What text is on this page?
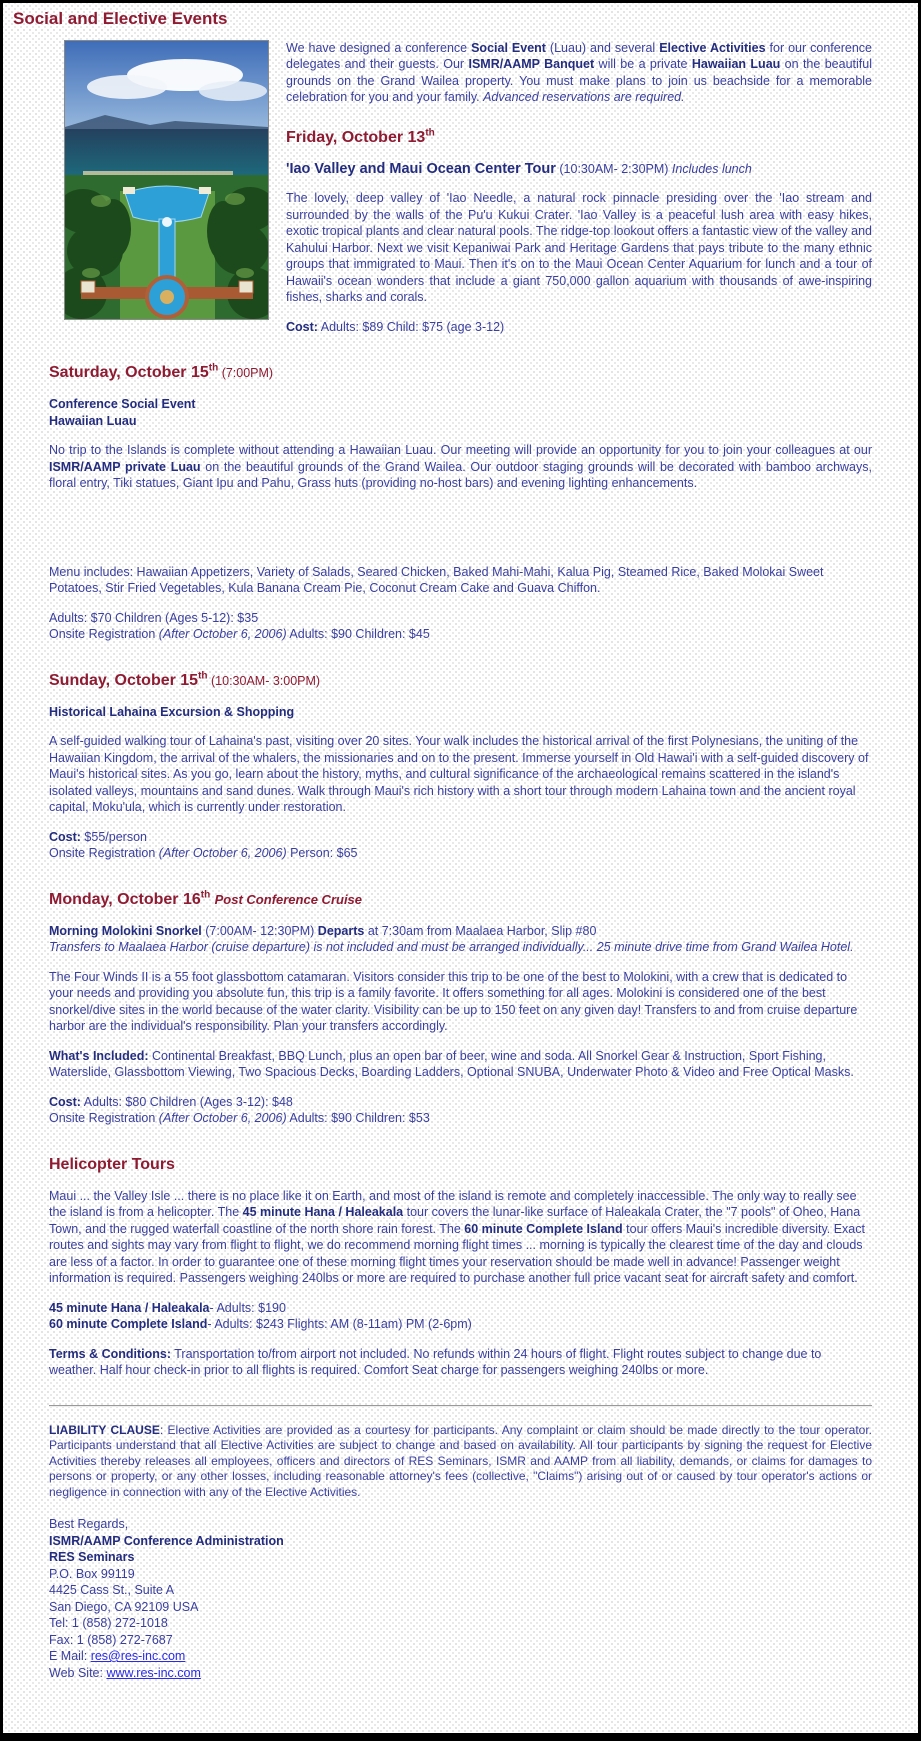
Social and Elective Events

We have designed a conference Social Event (Luau) and several Elective Activities for our conference delegates and their guests. Our ISMR/AAMP Banquet will be a private Hawaiian Luau on the beautiful grounds on the Grand Wailea property. You must make plans to join us beachside for a memorable celebration for you and your family. Advanced reservations are required.

Friday, October 13th

'Iao Valley and Maui Ocean Center Tour (10:30AM- 2:30PM) Includes lunch

The lovely, deep valley of 'Iao Needle, a natural rock pinnacle presiding over the 'Iao stream and surrounded by the walls of the Pu'u Kukui Crater. 'Iao Valley is a peaceful lush area with easy hikes, exotic tropical plants and clear natural pools. The ridge-top lookout offers a fantastic view of the valley and Kahului Harbor. Next we visit Kepaniwai Park and Heritage Gardens that pays tribute to the many ethnic groups that immigrated to Maui. Then it's on to the Maui Ocean Center Aquarium for lunch and a tour of Hawaii's ocean wonders that include a giant 750,000 gallon aquarium with thousands of awe-inspiring fishes, sharks and corals.

Cost: Adults: $89 Child: $75 (age 3-12)

Saturday, October 15th (7:00PM)

Conference Social Event

Hawaiian Luau

No trip to the Islands is complete without attending a Hawaiian Luau. Our meeting will provide an opportunity for you to join your colleagues at our ISMR/AAMP private Luau on the beautiful grounds of the Grand Wailea. Our outdoor staging grounds will be decorated with bamboo archways, floral entry, Tiki statues, Giant Ipu and Pahu, Grass huts (providing no-host bars) and evening lighting enhancements.

Menu includes: Hawaiian Appetizers, Variety of Salads, Seared Chicken, Baked Mahi-Mahi, Kalua Pig, Steamed Rice, Baked Molokai Sweet Potatoes, Stir Fried Vegetables, Kula Banana Cream Pie, Coconut Cream Cake and Guava Chiffon.

Adults: $70 Children (Ages 5-12): $35

Onsite Registration (After October 6, 2006) Adults: $90 Children: $45

Sunday, October 15th (10:30AM- 3:00PM)

Historical Lahaina Excursion & Shopping

A self-guided walking tour of Lahaina's past, visiting over 20 sites. Your walk includes the historical arrival of the first Polynesians, the uniting of the Hawaiian Kingdom, the arrival of the whalers, the missionaries and on to the present. Immerse yourself in Old Hawai'i with a self-guided discovery of Maui's historical sites. As you go, learn about the history, myths, and cultural significance of the archaeological remains scattered in the island's isolated valleys, mountains and sand dunes. Walk through Maui's rich history with a short tour through modern Lahaina town and the ancient royal capital, Moku'ula, which is currently under restoration.

Cost: $55/person

Onsite Registration (After October 6, 2006) Person: $65

Monday, October 16th Post Conference Cruise

Morning Molokini Snorkel (7:00AM- 12:30PM) Departs at 7:30am from Maalaea Harbor, Slip #80

Transfers to Maalaea Harbor (cruise departure) is not included and must be arranged individually... 25 minute drive time from Grand Wailea Hotel.

The Four Winds II is a 55 foot glassbottom catamaran. Visitors consider this trip to be one of the best to Molokini, with a crew that is dedicated to your needs and providing you absolute fun, this trip is a family favorite. It offers something for all ages. Molokini is considered one of the best snorkel/dive sites in the world because of the water clarity. Visibility can be up to 150 feet on any given day! Transfers to and from cruise departure harbor are the individual's responsibility. Plan your transfers accordingly.

What's Included: Continental Breakfast, BBQ Lunch, plus an open bar of beer, wine and soda. All Snorkel Gear & Instruction, Sport Fishing, Waterslide, Glassbottom Viewing, Two Spacious Decks, Boarding Ladders, Optional SNUBA, Underwater Photo & Video and Free Optical Masks.

Cost: Adults: $80 Children (Ages 3-12): $48

Onsite Registration (After October 6, 2006) Adults: $90 Children: $53

Helicopter Tours

Maui ... the Valley Isle ... there is no place like it on Earth, and most of the island is remote and completely inaccessible. The only way to really see the island is from a helicopter. The 45 minute Hana / Haleakala tour covers the lunar-like surface of Haleakala Crater, the "7 pools" of Oheo, Hana Town, and the rugged waterfall coastline of the north shore rain forest. The 60 minute Complete Island tour offers Maui's incredible diversity. Exact routes and sights may vary from flight to flight, we do recommend morning flight times ... morning is typically the clearest time of the day and clouds are less of a factor. In order to guarantee one of these morning flight times your reservation should be made well in advance! Passenger weight information is required. Passengers weighing 240lbs or more are required to purchase another full price vacant seat for aircraft safety and comfort.

45 minute Hana / Haleakala- Adults: $190

60 minute Complete Island- Adults: $243 Flights: AM (8-11am) PM (2-6pm)

Terms & Conditions: Transportation to/from airport not included. No refunds within 24 hours of flight. Flight routes subject to change due to weather. Half hour check-in prior to all flights is required. Comfort Seat charge for passengers weighing 240lbs or more.

LIABILITY CLAUSE: Elective Activities are provided as a courtesy for participants. Any complaint or claim should be made directly to the tour operator. Participants understand that all Elective Activities are subject to change and based on availability. All tour participants by signing the request for Elective Activities thereby releases all employees, officers and directors of RES Seminars, ISMR and AAMP from all liability, demands, or claims for damages to persons or property, or any other losses, including reasonable attorney's fees (collective, "Claims") arising out of or caused by tour operator's actions or negligence in connection with any of the Elective Activities.

Best Regards,

ISMR/AAMP Conference Administration

RES Seminars

P.O. Box 99119

4425 Cass St., Suite A

San Diego, CA 92109 USA

Tel: 1 (858) 272-1018

Fax: 1 (858) 272-7687

E Mail: res@res-inc.com

Web Site: www.res-inc.com
